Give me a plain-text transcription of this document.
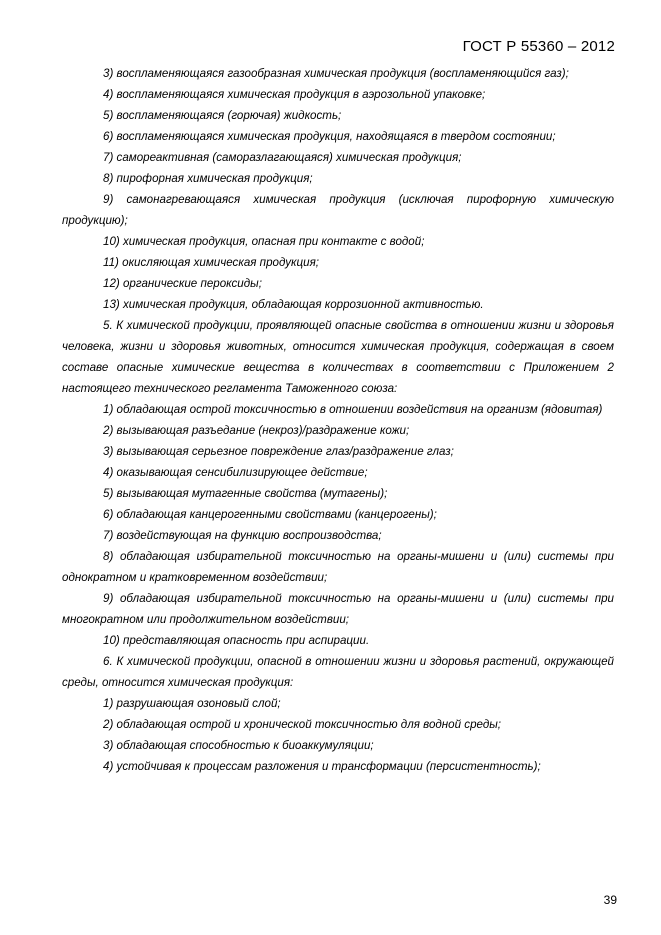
ГОСТ Р 55360 – 2012

3) воспламеняющаяся газообразная химическая продукция (воспламеняющийся газ);

4) воспламеняющаяся химическая продукция в аэрозольной упаковке;

5) воспламеняющаяся (горючая) жидкость;

6) воспламеняющаяся химическая продукция, находящаяся в твердом состоянии;

7) самореактивная (саморазлагающаяся) химическая продукция;

8) пирофорная химическая продукция;

9) самонагревающаяся химическая продукция (исключая пирофорную химическую продукцию);

10) химическая продукция, опасная при контакте с водой;

11) окисляющая химическая продукция;

12) органические пероксиды;

13) химическая продукция, обладающая коррозионной активностью.

5. К химической продукции, проявляющей опасные свойства в отношении жизни и здоровья человека, жизни и здоровья животных, относится химическая продукция, содержащая в своем составе опасные химические вещества в количествах в соответствии с Приложением 2 настоящего технического регламента Таможенного союза:

1) обладающая острой токсичностью в отношении воздействия на организм (ядовитая)

2) вызывающая разъедание (некроз)/раздражение кожи;

3) вызывающая серьезное повреждение глаз/раздражение глаз;

4) оказывающая сенсибилизирующее действие;

5) вызывающая мутагенные свойства (мутагены);

6) обладающая канцерогенными свойствами (канцерогены);

7) воздействующая на функцию воспроизводства;

8) обладающая избирательной токсичностью на органы-мишени и (или) системы при однократном и кратковременном воздействии;

9) обладающая избирательной токсичностью на органы-мишени и (или) системы при многократном или продолжительном воздействии;

10) представляющая опасность при аспирации.

6. К химической продукции, опасной в отношении жизни и здоровья растений, окружающей среды, относится химическая продукция:

1) разрушающая озоновый слой;

2) обладающая острой и хронической токсичностью для водной среды;

3) обладающая способностью к биоаккумуляции;

4) устойчивая к процессам разложения и трансформации (персистентность);

39
